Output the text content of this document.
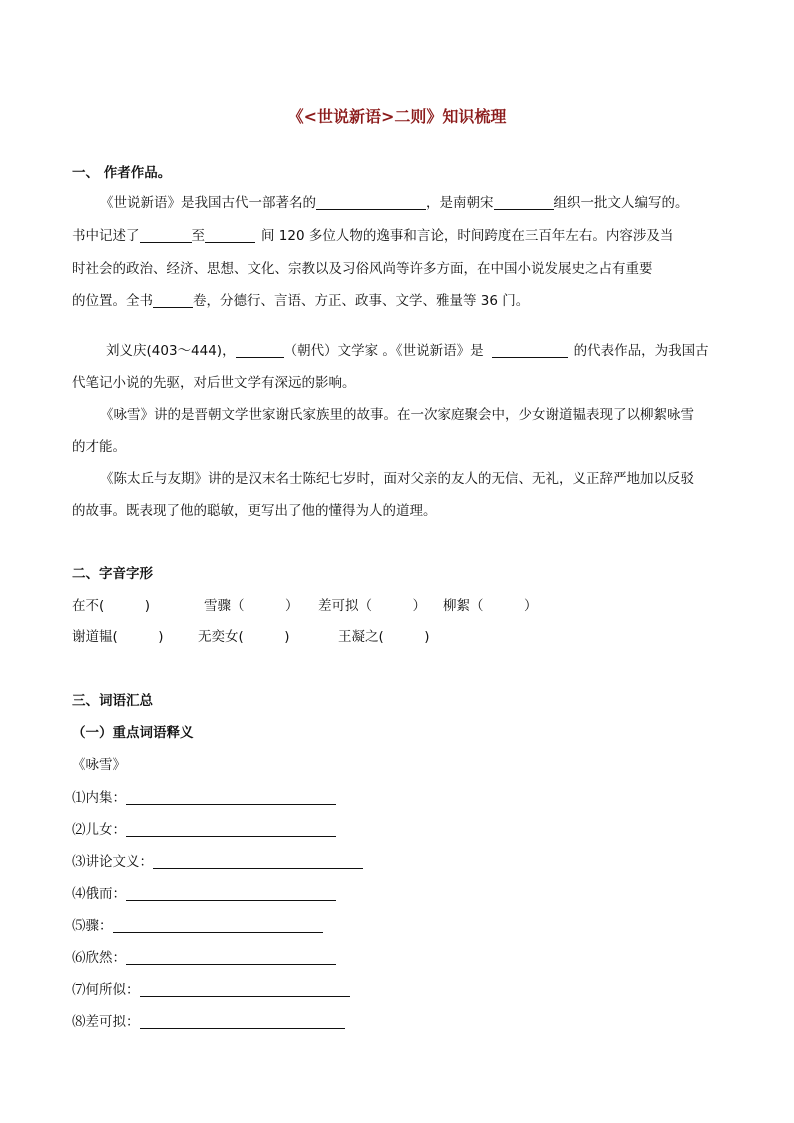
《<世说新语>二则》知识梳理
一、 作者作品。
《世说新语》是我国古代一部著名的	，是南朝宋	组织一批文人编写的。
书中记述了	至	间 120 多位人物的逸事和言论，时间跨度在三百年左右。内容涉及当
时社会的政治、经济、思想、文化、宗教以及习俗风尚等许多方面，在中国小说发展史之占有重要
的位置。全书	卷，分德行、言语、方正、政事、文学、雅量等 36 门。
刘义庆(403～444)，	（朝代）文学家 。《世说新语》是	的代表作品，为我国古
代笔记小说的先驱，对后世文学有深远的影响。
《咏雪》讲的是晋朝文学世家谢氏家族里的故事。在一次家庭聚会中，少女谢道韫表现了以柳絮咏雪
的才能。
《陈太丘与友期》讲的是汉末名士陈纪七岁时，面对父亲的友人的无信、无礼，义正辞严地加以反驳
的故事。既表现了他的聪敏，更写出了他的懂得为人的道理。
二、字音字形
在不(　　　)	雪骤（　　　） 差可拟（　　　） 柳絮（　　　）
谢道韫(　　　)	无奕女(　　　)	王凝之(　　　)
三、词语汇总
（一）重点词语释义
《咏雪》
⑴内集：
⑵儿女：
⑶讲论文义：
⑷俄而：
⑸骤：
⑹欣然：
⑺何所似：
⑻差可拟：
